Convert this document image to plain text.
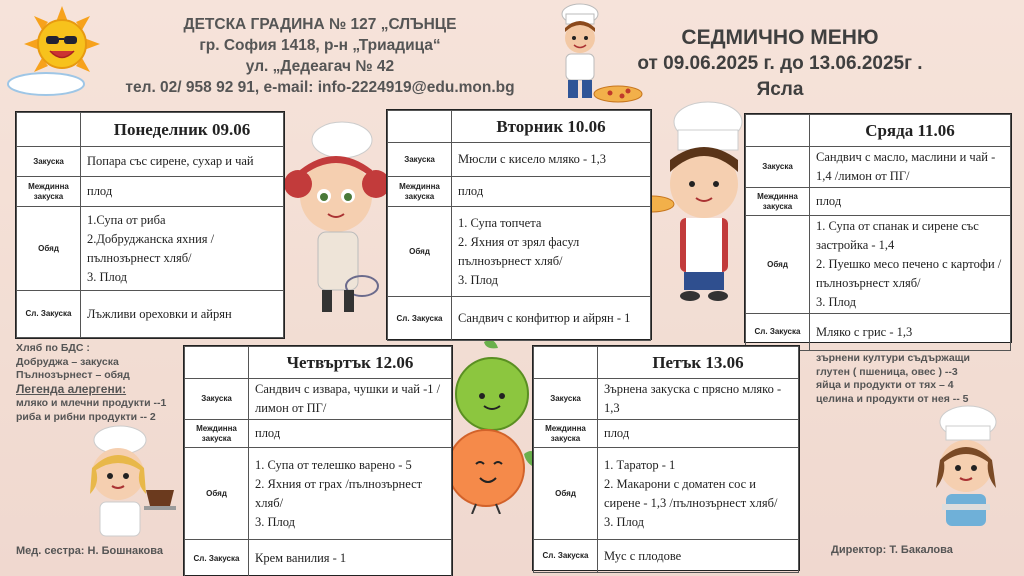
ДЕТСКА ГРАДИНА № 127 „СЛЪНЦЕ
гр. София 1418, р-н „Триадица“
ул. „Дедеагач № 42
тел. 02/ 958 92 91, e-mail: info-2224919@edu.mon.bg
СЕДМИЧНО МЕНЮ
от 09.06.2025 г. до 13.06.2025г .
Ясла
	Понеделник 09.06
Закуска	Попара със сирене, сухар и чай
Междинна закуска	плод
Обяд	1.Супа от риба
2.Добруджанска яхния /пълнозърнест хляб/
3. Плод

Сл. Закуска	Лъжливи ореховки и айрян
	Вторник 10.06
Закуска	Мюсли с кисело мляко - 1,3
Междинна закуска	плод
Обяд	1. Супа топчета
2. Яхния от зрял фасул
пълнозърнест хляб/
3. Плод

Сл. Закуска	Сандвич с конфитюр и айрян - 1
	Сряда 11.06
Закуска	Сандвич с масло, маслини и чай - 1,4 /лимон от ПГ/
Междинна закуска	плод
Обяд	1. Супа от спанак и сирене със застройка - 1,4
2. Пуешко месо печено с картофи /пълнозърнест хляб/
3. Плод

Сл. Закуска	Мляко с грис - 1,3
	Четвъртък 12.06
Закуска	Сандвич с извара, чушки и чай -1 /лимон от ПГ/
Междинна закуска	плод
Обяд	1. Супа от телешко варено - 5
2. Яхния от грах /пълнозърнест хляб/
3. Плод

Сл. Закуска	Крем ванилия - 1
	Петък 13.06
Закуска	Зърнена закуска с прясно мляко - 1,3
Междинна закуска	плод
Обяд	1. Таратор - 1
2. Макарони с доматен сос и сирене - 1,3 /пълнозърнест хляб/
3. Плод

Сл. Закуска	Мус с плодове
Хляб по БДС :
Добруджа – закуска
Пълнозърнест – обяд
Легенда алергени:
мляко и млечни продукти --1
риба и рибни продукти -- 2
зърнени култури съдържащи
глутен ( пшеница, овес ) --3
яйца и продукти от тях – 4
целина и продукти от нея -- 5
Мед. сестра: Н. Бошнакова	Директор: Т. Бакалова
